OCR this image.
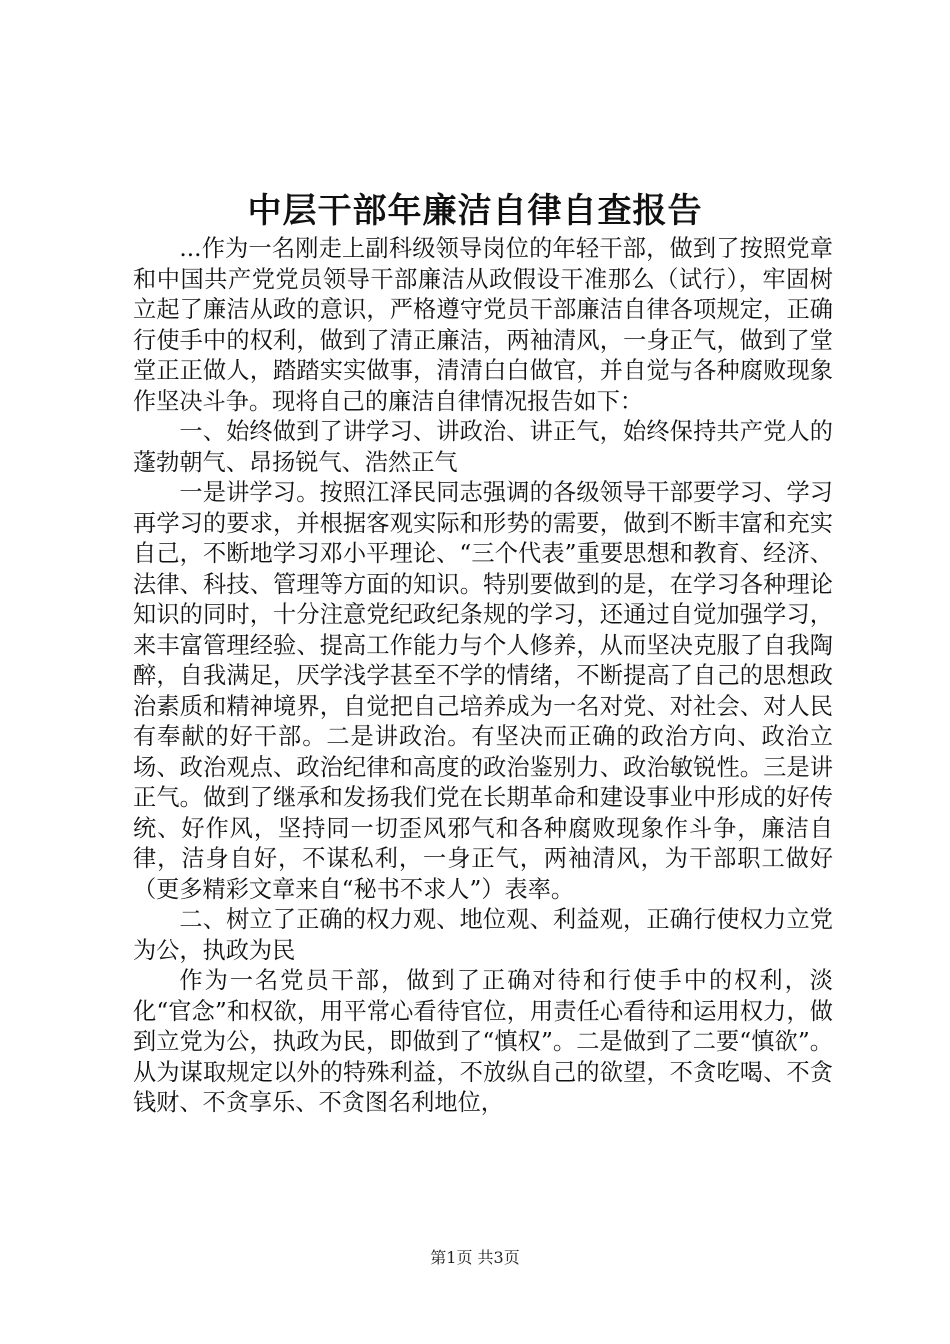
中层干部年廉洁自律自查报告

...作为一名刚走上副科级领导岗位的年轻干部，做到了按照党章和中国共产党党员领导干部廉洁从政假设干准那么（试行），牢固树立起了廉洁从政的意识，严格遵守党员干部廉洁自律各项规定，正确行使手中的权利，做到了清正廉洁，两袖清风，一身正气，做到了堂堂正正做人，踏踏实实做事，清清白白做官，并自觉与各种腐败现象作坚决斗争。现将自己的廉洁自律情况报告如下：

一、始终做到了讲学习、讲政治、讲正气，始终保持共产党人的蓬勃朝气、昂扬锐气、浩然正气

一是讲学习。按照江泽民同志强调的各级领导干部要学习、学习再学习的要求，并根据客观实际和形势的需要，做到不断丰富和充实自己，不断地学习邓小平理论、“三个代表”重要思想和教育、经济、法律、科技、管理等方面的知识。特别要做到的是，在学习各种理论知识的同时，十分注意党纪政纪条规的学习，还通过自觉加强学习，来丰富管理经验、提高工作能力与个人修养，从而坚决克服了自我陶醉，自我满足，厌学浅学甚至不学的情绪，不断提高了自己的思想政治素质和精神境界，自觉把自己培养成为一名对党、对社会、对人民有奉献的好干部。二是讲政治。有坚决而正确的政治方向、政治立场、政治观点、政治纪律和高度的政治鉴别力、政治敏锐性。三是讲正气。做到了继承和发扬我们党在长期革命和建设事业中形成的好传统、好作风，坚持同一切歪风邪气和各种腐败现象作斗争，廉洁自律，洁身自好，不谋私利，一身正气，两袖清风，为干部职工做好（更多精彩文章来自“秘书不求人”）表率。

二、树立了正确的权力观、地位观、利益观，正确行使权力立党为公，执政为民

作为一名党员干部，做到了正确对待和行使手中的权利，淡化“官念”和权欲，用平常心看待官位，用责任心看待和运用权力，做到立党为公，执政为民，即做到了“慎权”。二是做到了二要“慎欲”。从为谋取规定以外的特殊利益，不放纵自己的欲望，不贪吃喝、不贪钱财、不贪享乐、不贪图名利地位，

第1页 共3页
